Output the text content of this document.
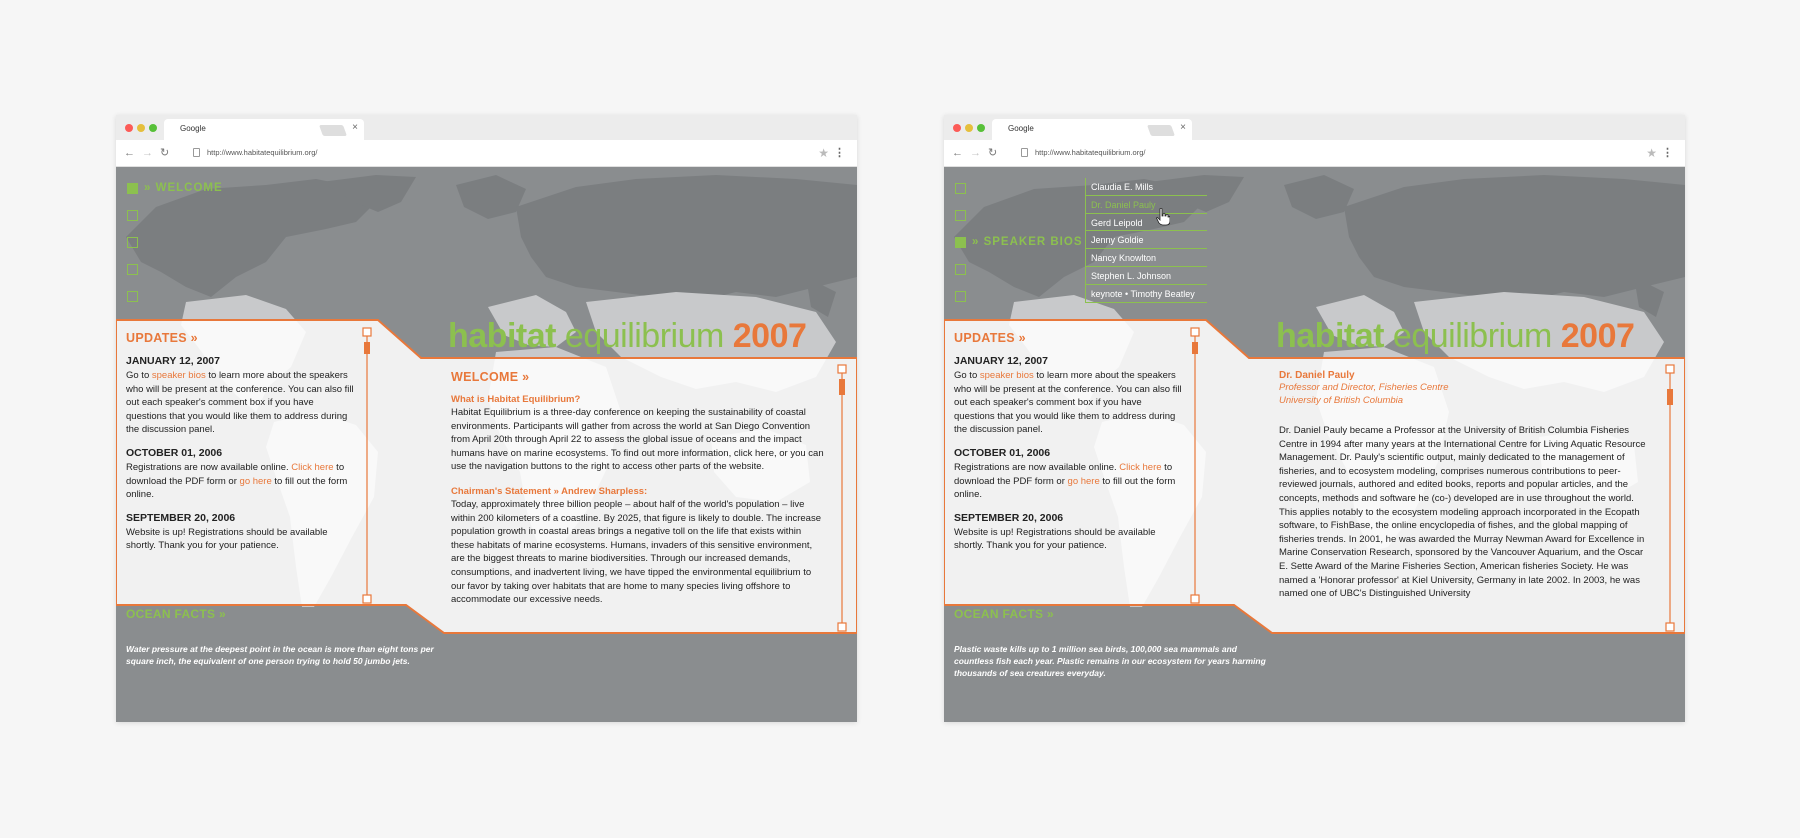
Google	×
← → ↻	http://www.habitatequilibrium.org/	★ ⋮
» WELCOME
habitat equilibrium 2007
UPDATES »
JANUARY 12, 2007
Go to speaker bios to learn more about the speakers who will be present at the conference. You can also fill out each speaker's comment box if you have questions that you would like them to address during the discussion panel.
OCTOBER 01, 2006
Registrations are now available online. Click here to download the PDF form or go here to fill out the form online.
SEPTEMBER 20, 2006
Website is up! Registrations should be available shortly. Thank you for your patience.
WELCOME »
What is Habitat Equilibrium?
Habitat Equilibrium is a three-day conference on keeping the sustainability of coastal environments. Participants will gather from across the world at San Diego Convention from April 20th through April 22 to assess the global issue of oceans and the impact humans have on marine ecosystems. To find out more information, click here, or you can use the navigation buttons to the right to access other parts of the website.
Chairman's Statement » Andrew Sharpless:
Today, approximately three billion people – about half of the world's population – live within 200 kilometers of a coastline. By 2025, that figure is likely to double. The increase population growth in coastal areas brings a negative toll on the life that exists within these habitats of marine ecosystems. Humans, invaders of this sensitive environment, are the biggest threats to marine biodiversities. Through our increased demands, consumptions, and inadvertent living, we have tipped the environmental equilibrium to our favor by taking over habitats that are home to many species living offshore to accommodate our excessive needs.
OCEAN FACTS »
Water pressure at the deepest point in the ocean is more than eight tons per square inch, the equivalent of one person trying to hold 50 jumbo jets.
Google	×
← → ↻	http://www.habitatequilibrium.org/	★ ⋮
» SPEAKER BIOS
Claudia E. Mills
Dr. Daniel Pauly
Gerd Leipold
Jenny Goldie
Nancy Knowlton
Stephen L. Johnson
keynote • Timothy Beatley
habitat equilibrium 2007
UPDATES »
JANUARY 12, 2007
Go to speaker bios to learn more about the speakers who will be present at the conference. You can also fill out each speaker's comment box if you have questions that you would like them to address during the discussion panel.
OCTOBER 01, 2006
Registrations are now available online. Click here to download the PDF form or go here to fill out the form online.
SEPTEMBER 20, 2006
Website is up! Registrations should be available shortly. Thank you for your patience.
Dr. Daniel Pauly
Professor and Director, Fisheries Centre
University of British Columbia
Dr. Daniel Pauly became a Professor at the University of British Columbia Fisheries Centre in 1994 after many years at the International Centre for Living Aquatic Resource Management. Dr. Pauly's scientific output, mainly dedicated to the management of fisheries, and to ecosystem modeling, comprises numerous contributions to peer-reviewed journals, authored and edited books, reports and popular articles, and the concepts, methods and software he (co-) developed are in use throughout the world. This applies notably to the ecosystem modeling approach incorporated in the Ecopath software, to FishBase, the online encyclopedia of fishes, and the global mapping of fisheries trends. In 2001, he was awarded the Murray Newman Award for Excellence in Marine Conservation Research, sponsored by the Vancouver Aquarium, and the Oscar E. Sette Award of the Marine Fisheries Section, American fisheries Society. He was named a 'Honorar professor' at Kiel University, Germany in late 2002. In 2003, he was named one of UBC's Distinguished University
OCEAN FACTS »
Plastic waste kills up to 1 million sea birds, 100,000 sea mammals and countless fish each year. Plastic remains in our ecosystem for years harming thousands of sea creatures everyday.
